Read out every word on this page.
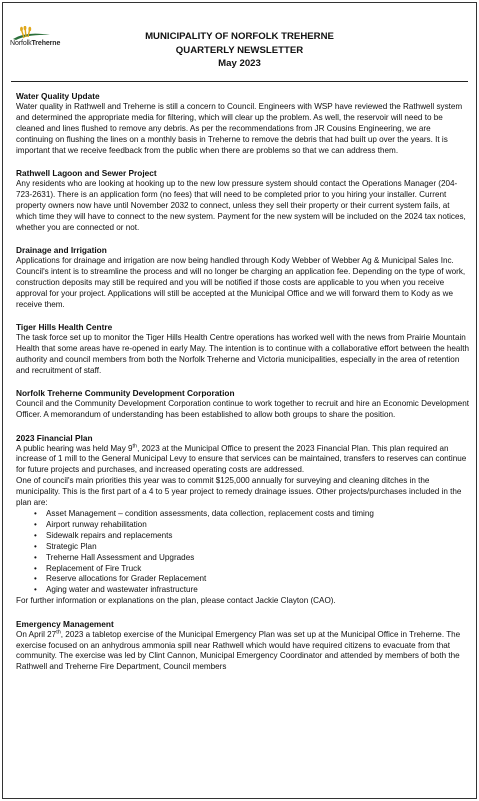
NorfolkTreherne
MUNICIPALITY OF NORFOLK TREHERNE
QUARTERLY NEWSLETTER
May 2023
Water Quality Update

Water quality in Rathwell and Treherne is still a concern to Council. Engineers with WSP have reviewed the Rathwell system and determined the appropriate media for filtering, which will clear up the problem. As well, the reservoir will need to be cleaned and lines flushed to remove any debris. As per the recommendations from JR Cousins Engineering, we are continuing on flushing the lines on a monthly basis in Treherne to remove the debris that had built up over the years. It is important that we receive feedback from the public when there are problems so that we can address them.

Rathwell Lagoon and Sewer Project

Any residents who are looking at hooking up to the new low pressure system should contact the Operations Manager (204-723-2631). There is an application form (no fees) that will need to be completed prior to you hiring your installer. Current property owners now have until November 2032 to connect, unless they sell their property or their current system fails, at which time they will have to connect to the new system. Payment for the new system will be included on the 2024 tax notices, whether you are connected or not.

Drainage and Irrigation

Applications for drainage and irrigation are now being handled through Kody Webber of Webber Ag & Municipal Sales Inc. Council's intent is to streamline the process and will no longer be charging an application fee. Depending on the type of work, construction deposits may still be required and you will be notified if those costs are applicable to you when you receive approval for your project. Applications will still be accepted at the Municipal Office and we will forward them to Kody as we receive them.

Tiger Hills Health Centre

The task force set up to monitor the Tiger Hills Health Centre operations has worked well with the news from Prairie Mountain Health that some areas have re-opened in early May. The intention is to continue with a collaborative effort between the health authority and council members from both the Norfolk Treherne and Victoria municipalities, especially in the area of retention and recruitment of staff.

Norfolk Treherne Community Development Corporation

Council and the Community Development Corporation continue to work together to recruit and hire an Economic Development Officer. A memorandum of understanding has been established to allow both groups to share the position.

2023 Financial Plan

A public hearing was held May 9th, 2023 at the Municipal Office to present the 2023 Financial Plan. This plan required an increase of 1 mill to the General Municipal Levy to ensure that services can be maintained, transfers to reserves can continue for future projects and purchases, and increased operating costs are addressed.

One of council's main priorities this year was to commit $125,000 annually for surveying and cleaning ditches in the municipality. This is the first part of a 4 to 5 year project to remedy drainage issues. Other projects/purchases included in the plan are:

• Asset Management – condition assessments, data collection, replacement costs and timing
• Airport runway rehabilitation
• Sidewalk repairs and replacements
• Strategic Plan
• Treherne Hall Assessment and Upgrades
• Replacement of Fire Truck
• Reserve allocations for Grader Replacement
• Aging water and wastewater infrastructure

For further information or explanations on the plan, please contact Jackie Clayton (CAO).

Emergency Management

On April 27th, 2023 a tabletop exercise of the Municipal Emergency Plan was set up at the Municipal Office in Treherne. The exercise focused on an anhydrous ammonia spill near Rathwell which would have required citizens to evacuate from that community. The exercise was led by Clint Cannon, Municipal Emergency Coordinator and attended by members of both the Rathwell and Treherne Fire Department, Council members
